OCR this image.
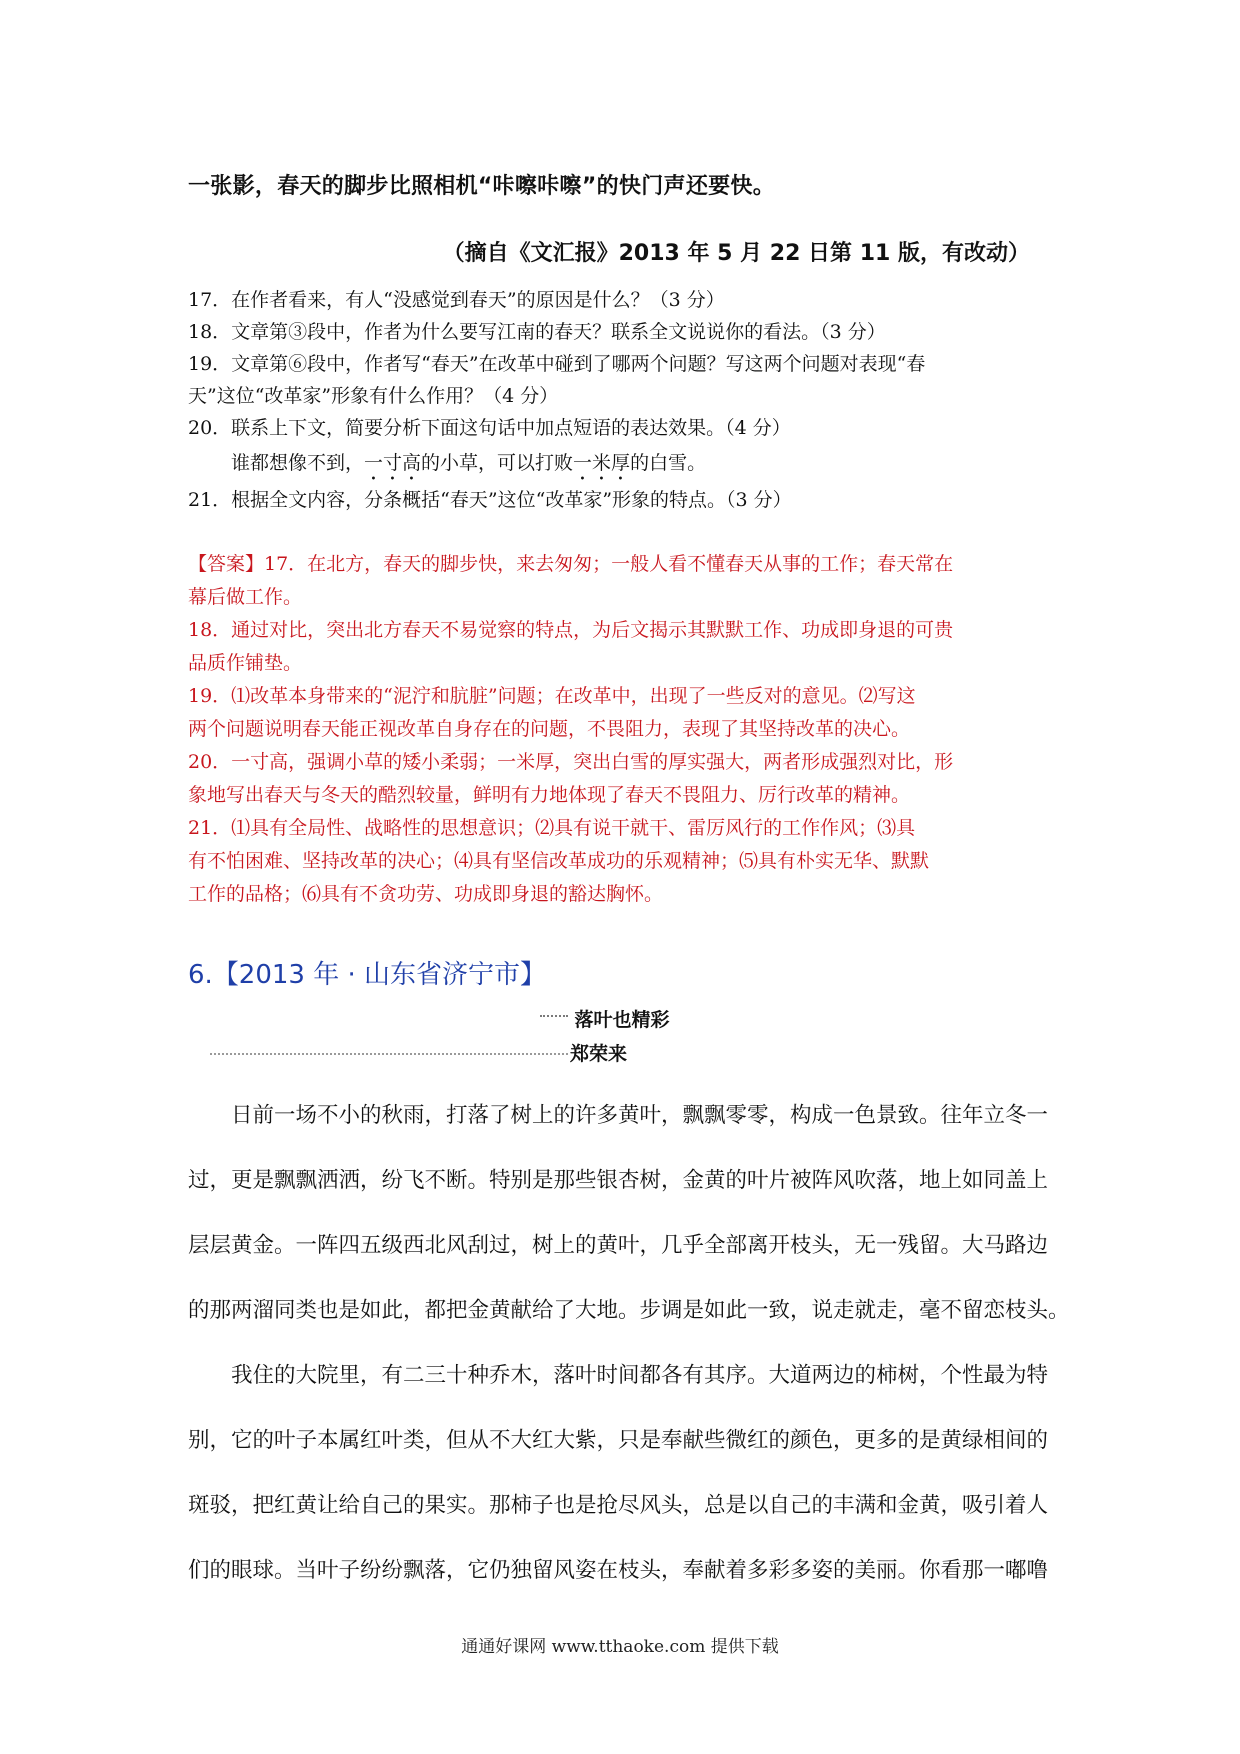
一张影，春天的脚步比照相机“咔嚓咔嚓”的快门声还要快。
（摘自《文汇报》2013 年 5 月 22 日第 11 版，有改动）
17．在作者看来，有人“没感觉到春天”的原因是什么？（3 分）
18．文章第③段中，作者为什么要写江南的春天？联系全文说说你的看法。（3 分）
19．文章第⑥段中，作者写“春天”在改革中碰到了哪两个问题？写这两个问题对表现“春
天”这位“改革家”形象有什么作用？（4 分）
20．联系上下文，简要分析下面这句话中加点短语的表达效果。（4 分）
谁都想像不到，一寸高的小草，可以打败一米厚的白雪。
21．根据全文内容，分条概括“春天”这位“改革家”形象的特点。（3 分）
【答案】17．在北方，春天的脚步快，来去匆匆；一般人看不懂春天从事的工作；春天常在
幕后做工作。
18．通过对比，突出北方春天不易觉察的特点，为后文揭示其默默工作、功成即身退的可贵
品质作铺垫。
19．⑴改革本身带来的“泥泞和肮脏”问题；在改革中，出现了一些反对的意见。⑵写这
两个问题说明春天能正视改革自身存在的问题，不畏阻力，表现了其坚持改革的决心。
20．一寸高，强调小草的矮小柔弱；一米厚，突出白雪的厚实强大，两者形成强烈对比，形
象地写出春天与冬天的酷烈较量，鲜明有力地体现了春天不畏阻力、厉行改革的精神。
21．⑴具有全局性、战略性的思想意识；⑵具有说干就干、雷厉风行的工作作风；⑶具
有不怕困难、坚持改革的决心；⑷具有坚信改革成功的乐观精神；⑸具有朴实无华、默默
工作的品格；⑹具有不贪功劳、功成即身退的豁达胸怀。
6.【2013 年 · 山东省济宁市】
落叶也精彩
郑荣来
日前一场不小的秋雨，打落了树上的许多黄叶，飘飘零零，构成一色景致。往年立冬一
过，更是飘飘洒洒，纷飞不断。特别是那些银杏树，金黄的叶片被阵风吹落，地上如同盖上
层层黄金。一阵四五级西北风刮过，树上的黄叶，几乎全部离开枝头，无一残留。大马路边
的那两溜同类也是如此，都把金黄献给了大地。步调是如此一致，说走就走，毫不留恋枝头。
我住的大院里，有二三十种乔木，落叶时间都各有其序。大道两边的柿树，个性最为特
别，它的叶子本属红叶类，但从不大红大紫，只是奉献些微红的颜色，更多的是黄绿相间的
斑驳，把红黄让给自己的果实。那柿子也是抢尽风头，总是以自己的丰满和金黄，吸引着人
们的眼球。当叶子纷纷飘落，它仍独留风姿在枝头，奉献着多彩多姿的美丽。你看那一嘟噜
通通好课网 www.tthaoke.com 提供下载
